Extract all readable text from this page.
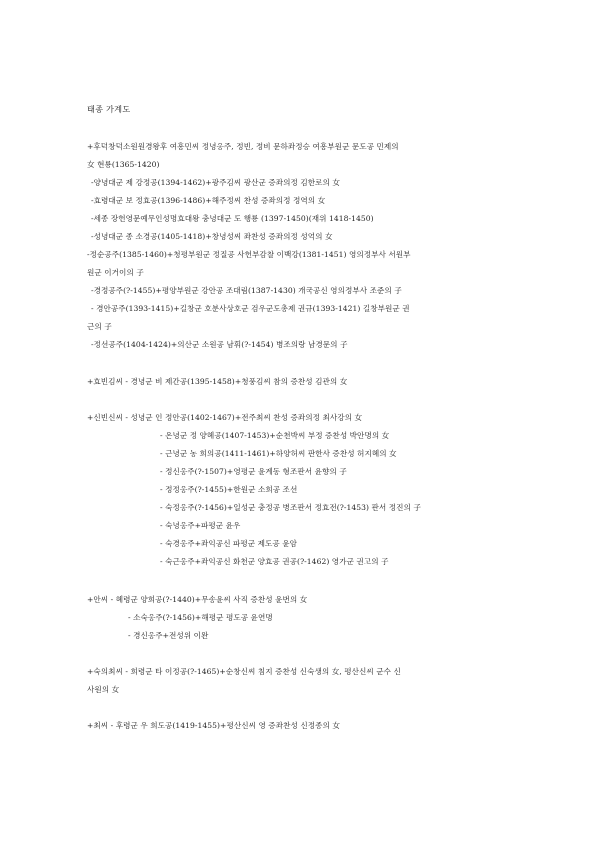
태종 가계도
+후덕창덕소원원경왕후 여흥민씨 정녕옹주, 정빈, 정비 문하좌정승 여흥부원군 문도공 민제의
女 현룡(1365-1420)
-양녕대군 제 강정공(1394-1462)+광주김씨 광산군 증좌의정 김한로의 女
-효령대군 보 정효공(1396-1486)+해주정씨 찬성 증좌의정 정역의 女
-세종 장헌영문예무인성명효대왕 충녕대군 도 행룡 (1397-1450)(재위 1418-1450)
-성녕대군 종 소경공(1405-1418)+창녕성씨 좌찬성 증좌의정 성억의 女
-정순공주(1385-1460)+청평부원군 정질공 사헌부감찰 이백강(1381-1451) 영의정부사 서원부
원군 이거이의 子
-경정공주(?-1455)+평양부원군 강안공 조대림(1387-1430) 개국공신 영의정부사 조준의 子
- 경안공주(1393-1415)+길창군 호분사상호군 검우군도총제 권규(1393-1421) 길창부원군 권
근의 子
-정선공주(1404-1424)+의산군 소원공 남휘(?-1454) 병조의랑 남경문의 子
+효빈김씨 - 경녕군 비 제간공(1395-1458)+청풍김씨 참의 증찬성 김관의 女
+신빈신씨 - 성녕군 인 정안공(1402-1467)+전주최씨 찬성 증좌의정 최사강의 女
- 온녕군 정 양혜공(1407-1453)+순천박씨 부정 증찬성 박안명의 女
- 근녕군 농 희의공(1411-1461)+하양허씨 판한사 증찬성 허지혜의 女
- 정신옹주(?-1507)+영평군 윤계동 형조판서 윤향의 子
- 정정옹주(?-1455)+한원군 소희공 조선
- 숙정옹주(?-1456)+일성군 충정공 병조판서 정효전(?-1453) 판서 정진의 子
- 숙녕옹주+파평군 윤우
- 숙경옹주+좌익공신 파평군 제도공 윤암
- 숙근옹주+좌익공신 화천군 양효공 권공(?-1462) 영가군 권고의 子
+안씨 - 혜령군 양희공(?-1440)+무송윤씨 사직 증찬성 윤번의 女
- 소숙옹주(?-1456)+해평군 평도공 윤연명
- 경신옹주+전성위 이완
+숙의최씨 - 희령군 타 이정공(?-1465)+순창신씨 침지 증찬성 신숙생의 女, 평산신씨 군수 신
사원의 女
+최씨 - 후령군 우 희도공(1419-1455)+평산신씨 영 증좌찬성 신정종의 女
